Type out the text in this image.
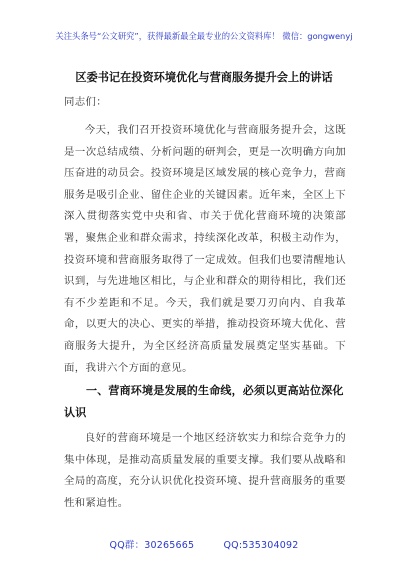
关注头条号“公文研究”，获得最新最全最专业的公文资料库！ 微信：gongwenyj
区委书记在投资环境优化与营商服务提升会上的讲话

同志们：

今天，我们召开投资环境优化与营商服务提升会，这既是一次总结成绩、分析问题的研判会，更是一次明确方向加压奋进的动员会。投资环境是区域发展的核心竞争力，营商服务是吸引企业、留住企业的关键因素。近年来，全区上下深入贯彻落实党中央和省、市关于优化营商环境的决策部署，聚焦企业和群众需求，持续深化改革，积极主动作为，投资环境和营商服务取得了一定成效。但我们也要清醒地认识到，与先进地区相比，与企业和群众的期待相比，我们还有不少差距和不足。今天，我们就是要刀刃向内、自我革命，以更大的决心、更实的举措，推动投资环境大优化、营商服务大提升，为全区经济高质量发展奠定坚实基础。下面，我讲六个方面的意见。

一、营商环境是发展的生命线，必须以更高站位深化认识

良好的营商环境是一个地区经济软实力和综合竞争力的集中体现，是推动高质量发展的重要支撑。我们要从战略和全局的高度，充分认识优化投资环境、提升营商服务的重要性和紧迫性。

QQ群：30265665	QQ:535304092
